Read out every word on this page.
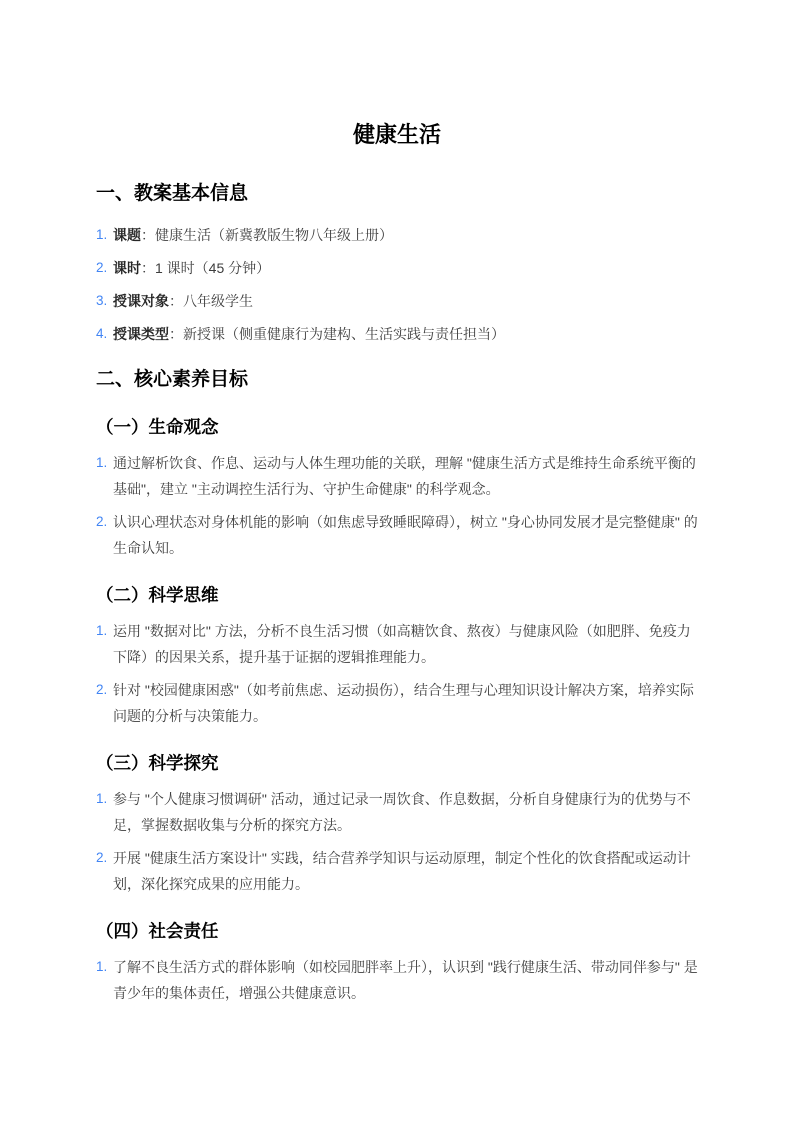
健康生活
一、教案基本信息
1. 课题：健康生活（新冀教版生物八年级上册）
2. 课时：1 课时（45 分钟）
3. 授课对象：八年级学生
4. 授课类型：新授课（侧重健康行为建构、生活实践与责任担当）
二、核心素养目标
（一）生命观念
1. 通过解析饮食、作息、运动与人体生理功能的关联，理解 "健康生活方式是维持生命系统平衡的基础"，建立 "主动调控生活行为、守护生命健康" 的科学观念。
2. 认识心理状态对身体机能的影响（如焦虑导致睡眠障碍），树立 "身心协同发展才是完整健康" 的生命认知。
（二）科学思维
1. 运用 "数据对比" 方法，分析不良生活习惯（如高糖饮食、熬夜）与健康风险（如肥胖、免疫力下降）的因果关系，提升基于证据的逻辑推理能力。
2. 针对 "校园健康困惑"（如考前焦虑、运动损伤），结合生理与心理知识设计解决方案，培养实际问题的分析与决策能力。
（三）科学探究
1. 参与 "个人健康习惯调研" 活动，通过记录一周饮食、作息数据，分析自身健康行为的优势与不足，掌握数据收集与分析的探究方法。
2. 开展 "健康生活方案设计" 实践，结合营养学知识与运动原理，制定个性化的饮食搭配或运动计划，深化探究成果的应用能力。
（四）社会责任
1. 了解不良生活方式的群体影响（如校园肥胖率上升），认识到 "践行健康生活、带动同伴参与" 是青少年的集体责任，增强公共健康意识。
